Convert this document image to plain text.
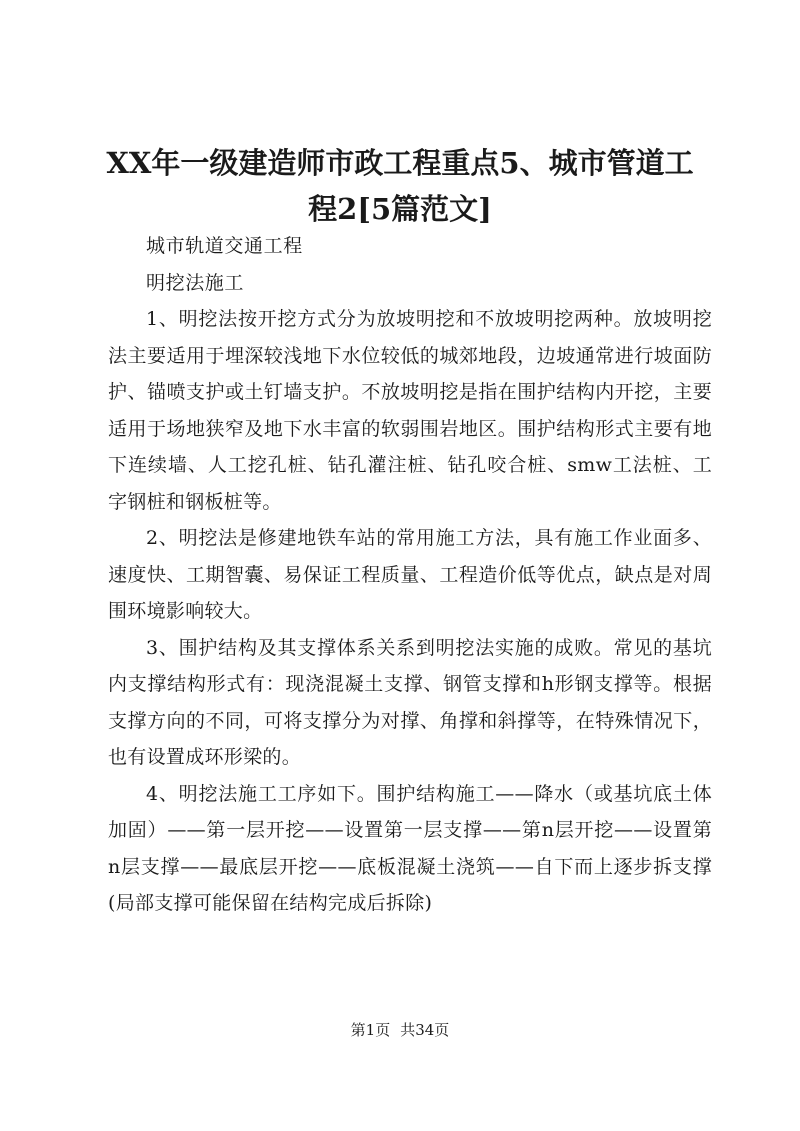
XX年一级建造师市政工程重点5、城市管道工程2[5篇范文]

城市轨道交通工程

明挖法施工

1、明挖法按开挖方式分为放坡明挖和不放坡明挖两种。放坡明挖法主要适用于埋深较浅地下水位较低的城郊地段，边坡通常进行坡面防护、锚喷支护或土钉墙支护。不放坡明挖是指在围护结构内开挖，主要适用于场地狭窄及地下水丰富的软弱围岩地区。围护结构形式主要有地下连续墙、人工挖孔桩、钻孔灌注桩、钻孔咬合桩、smw工法桩、工字钢桩和钢板桩等。

2、明挖法是修建地铁车站的常用施工方法，具有施工作业面多、速度快、工期智囊、易保证工程质量、工程造价低等优点，缺点是对周围环境影响较大。

3、围护结构及其支撑体系关系到明挖法实施的成败。常见的基坑内支撑结构形式有：现浇混凝土支撑、钢管支撑和h形钢支撑等。根据支撑方向的不同，可将支撑分为对撑、角撑和斜撑等，在特殊情况下，也有设置成环形梁的。

4、明挖法施工工序如下。围护结构施工——降水（或基坑底土体加固）——第一层开挖——设置第一层支撑——第n层开挖——设置第n层支撑——最底层开挖——底板混凝土浇筑——自下而上逐步拆支撑(局部支撑可能保留在结构完成后拆除)

第1页 共34页
